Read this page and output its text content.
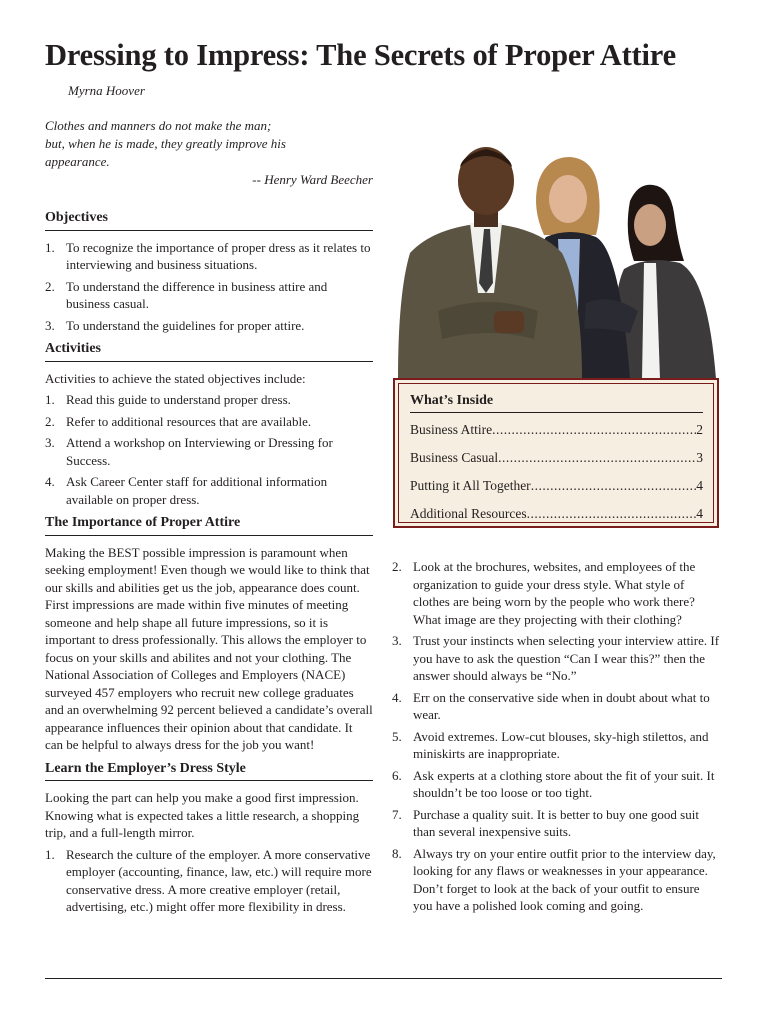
Dressing to Impress: The Secrets of Proper Attire
Myrna Hoover
Clothes and manners do not make the man;
but, when he is made, they greatly improve his
appearance.
-- Henry Ward Beecher
Objectives
1. To recognize the importance of proper dress as it relates to interviewing and business situations.
2. To understand the difference in business attire and business casual.
3. To understand the guidelines for proper attire.
Activities

Activities to achieve the stated objectives include:

1. Read this guide to understand proper dress.
2. Refer to additional resources that are available.
3. Attend a workshop on Interviewing or Dressing for Success.
4. Ask Career Center staff for additional information available on proper dress.
The Importance of Proper Attire

Making the BEST possible impression is paramount when seeking employment! Even though we would like to think that our skills and abilities get us the job, appearance does count. First impressions are made within five minutes of meeting someone and help shape all future impressions, so it is important to dress professionally. This allows the employer to focus on your skills and abilites and not your clothing. The National Association of Colleges and Employers (NACE) surveyed 457 employers who recruit new college graduates and an overwhelming 92 percent believed a candidate’s overall appearance influences their opinion about that candidate. It can be helpful to always dress for the job you want!

Learn the Employer’s Dress Style

Looking the part can help you make a good first impression. Knowing what is expected takes a little research, a shopping trip, and a full-length mirror.

1. Research the culture of the employer. A more conservative employer (accounting, finance, law, etc.) will require more conservative dress. A more creative employer (retail, advertising, etc.) might offer more flexibility in dress.
What’s Inside
Business Attire .....	2
Business Casual .....	3
Putting it All Together .....	4
Additional Resources .....	4
2. Look at the brochures, websites, and employees of the organization to guide your dress style. What style of clothes are being worn by the people who work there? What image are they projecting with their clothing?
3. Trust your instincts when selecting your interview attire. If you have to ask the question “Can I wear this?” then the answer should always be “No.”
4. Err on the conservative side when in doubt about what to wear.
5. Avoid extremes. Low-cut blouses, sky-high stilettos, and miniskirts are inappropriate.
6. Ask experts at a clothing store about the fit of your suit. It shouldn’t be too loose or too tight.
7. Purchase a quality suit. It is better to buy one good suit than several inexpensive suits.
8. Always try on your entire outfit prior to the interview day, looking for any flaws or weaknesses in your appearance. Don’t forget to look at the back of your outfit to ensure you have a polished look coming and going.
